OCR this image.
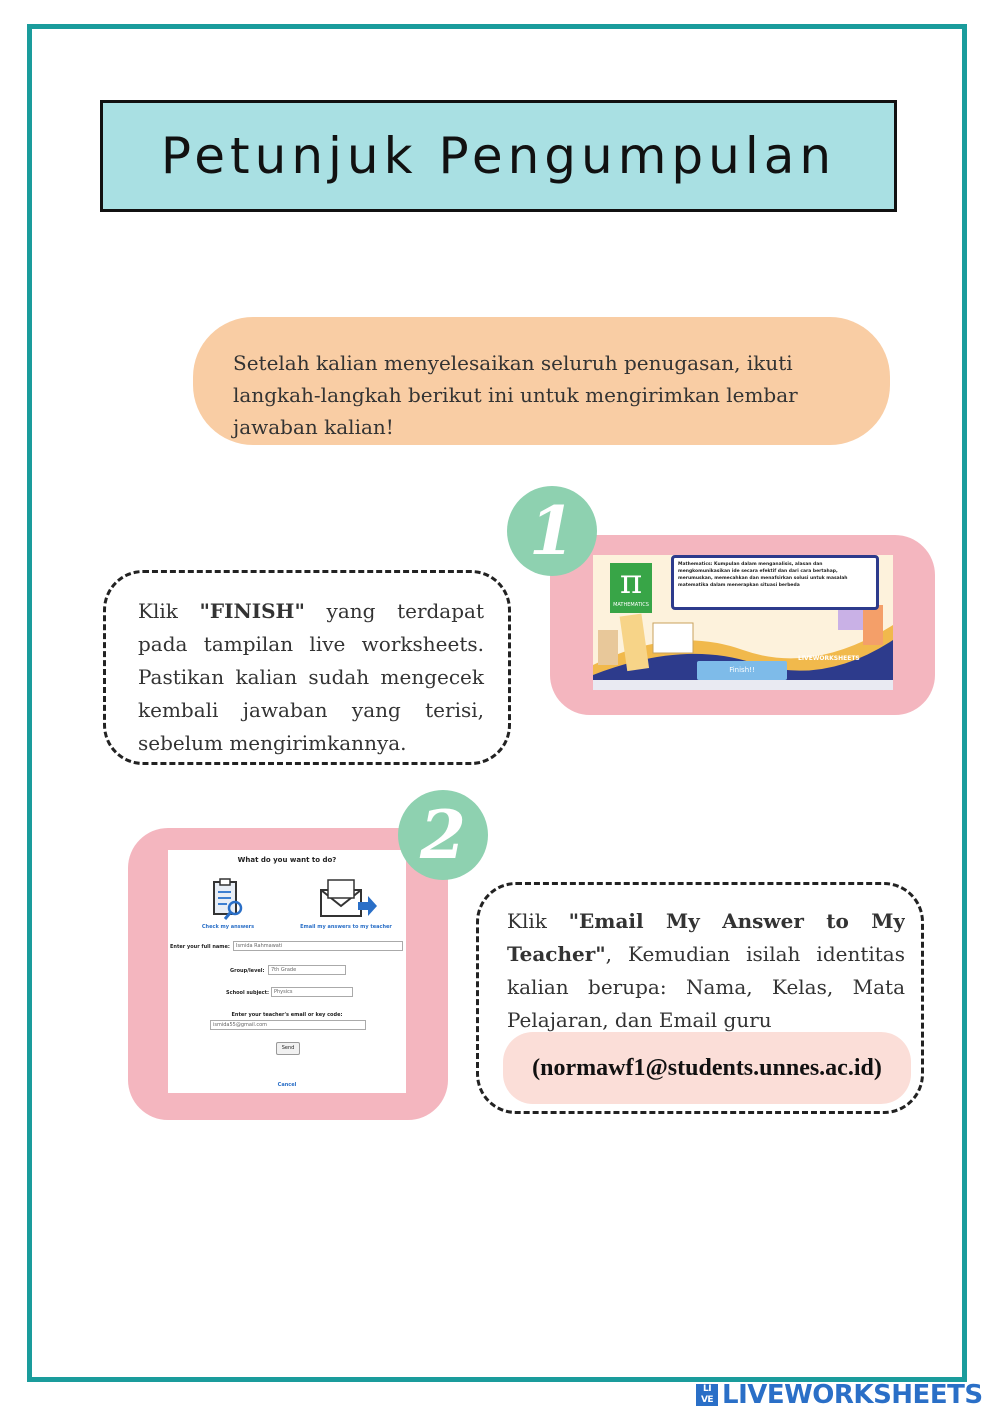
Petunjuk Pengumpulan
Setelah kalian menyelesaikan seluruh penugasan, ikuti langkah-langkah berikut ini untuk mengirimkan lembar jawaban kalian!
π
MATHEMATICS
Mathematics: Kumpulan dalam menganalisis, alasan dan mengkomunikasikan ide secara efektif dan dari cara bertahap, merumuskan, memecahkan dan menafsirkan solusi untuk masalah matematika dalam menerapkan situasi berbeda
LIVEWORKSHEETS
Finish!!
1

Klik "FINISH" yang terdapat pada tampilan live worksheets. Pastikan kalian sudah mengecek kembali jawaban yang terisi, sebelum mengirimkannya.

What do you want to do?
Check my answers	Email my answers to my teacher
Enter your full name:	Ismida Rahmawati
Group/level:	7th Grade
School subject: Physics
Enter your teacher's email or key code:
ismida55@gmail.com
Send
Cancel
2

Klik "Email My Answer to My Teacher", Kemudian isilah identitas kalian berupa: Nama, Kelas, Mata Pelajaran, dan Email guru

(normawf1@students.unnes.ac.id)
LI
VE LIVEWORKSHEETS
